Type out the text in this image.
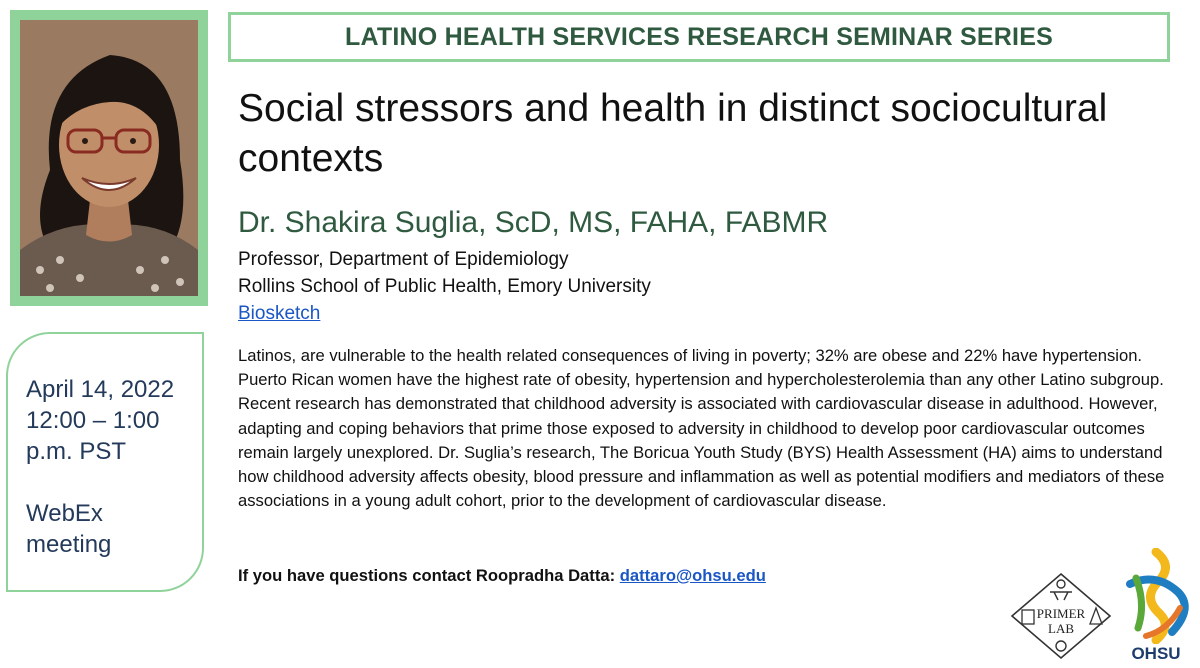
April 14, 2022
12:00 – 1:00
p.m. PST
WebEx
meeting
LATINO HEALTH SERVICES RESEARCH SEMINAR SERIES
Social stressors and health in distinct sociocultural contexts
Dr. Shakira Suglia, ScD, MS, FAHA, FABMR
Professor, Department of Epidemiology
Rollins School of Public Health, Emory University
Biosketch
Latinos, are vulnerable to the health related consequences of living in poverty; 32% are obese and 22% have hypertension. Puerto Rican women have the highest rate of obesity, hypertension and hypercholesterolemia than any other Latino subgroup. Recent research has demonstrated that childhood adversity is associated with cardiovascular disease in adulthood. However, adapting and coping behaviors that prime those exposed to adversity in childhood to develop poor cardiovascular outcomes remain largely unexplored. Dr. Suglia’s research, The Boricua Youth Study (BYS) Health Assessment (HA) aims to understand how childhood adversity affects obesity, blood pressure and inflammation as well as potential modifiers and mediators of these associations in a young adult cohort, prior to the development of cardiovascular disease.
If you have questions contact Roopradha Datta: dattaro@ohsu.edu
PRIMER
LAB
OHSU
